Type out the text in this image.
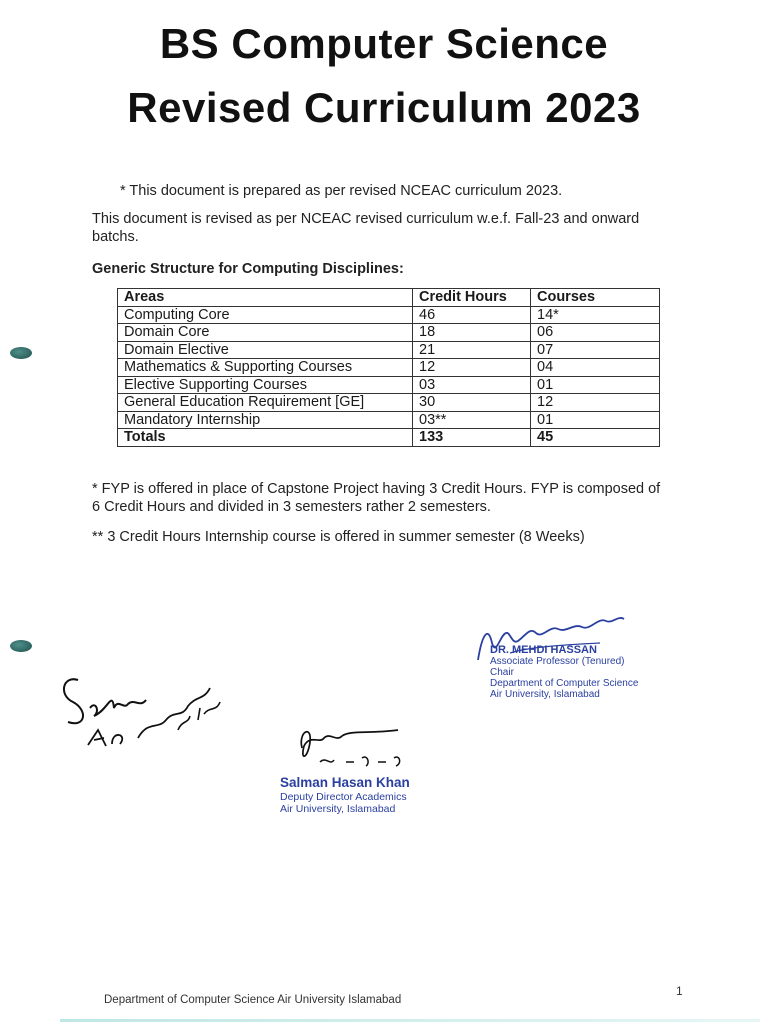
BS Computer Science
Revised Curriculum 2023
* This document is prepared as per revised NCEAC curriculum 2023.
This document is revised as per NCEAC revised curriculum w.e.f. Fall-23 and onward batchs.
Generic Structure for Computing Disciplines:
Areas	Credit Hours	Courses
Computing Core	46	14*
Domain Core	18	06
Domain Elective	21	07
Mathematics & Supporting Courses	12	04
Elective Supporting Courses	03	01
General Education Requirement [GE]	30	12
Mandatory Internship	03**	01
Totals	133	45
* FYP is offered in place of Capstone Project having 3 Credit Hours. FYP is composed of 6 Credit Hours and divided in 3 semesters rather 2 semesters.
** 3 Credit Hours Internship course is offered in summer semester (8 Weeks)
DR. MEHDI HASSAN
Associate Professor (Tenured)
Chair
Department of Computer Science
Air University, Islamabad
Salman Hasan Khan
Deputy Director Academics
Air University, Islamabad
Department of Computer Science Air University Islamabad
1
